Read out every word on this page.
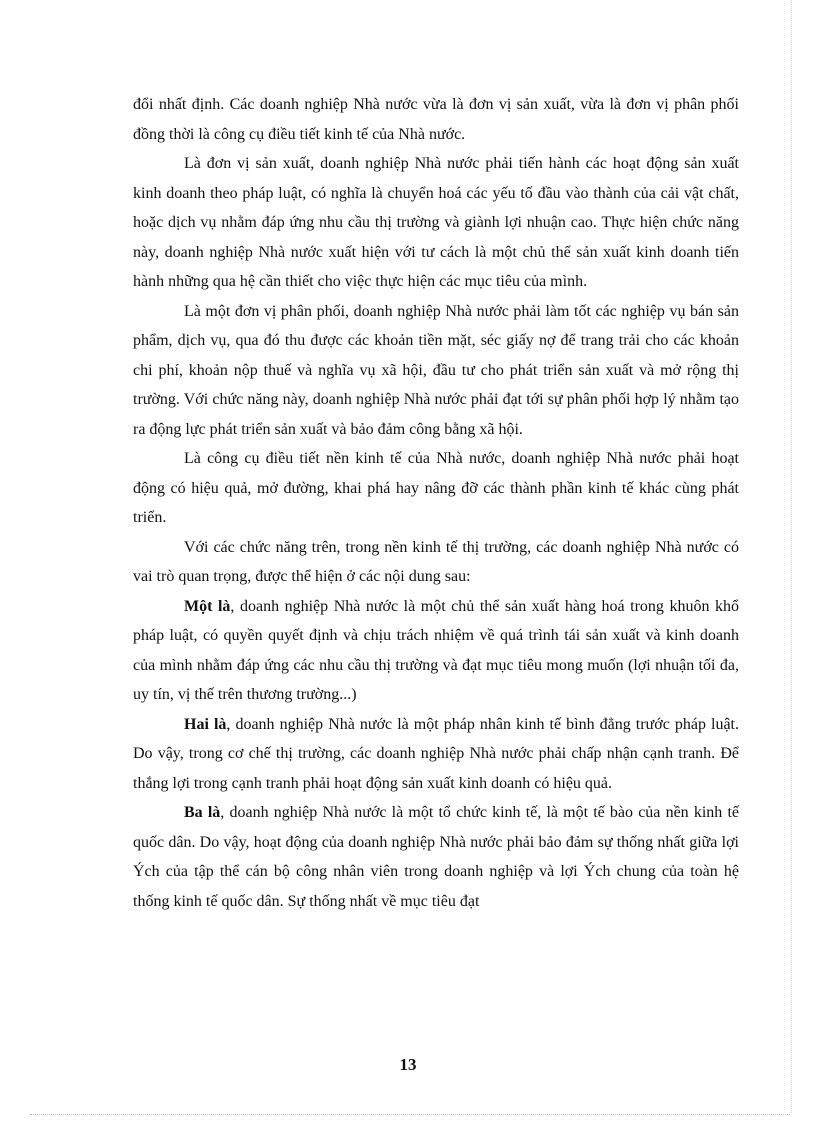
đổi nhất định. Các doanh nghiệp Nhà nước vừa là đơn vị sản xuất, vừa là đơn vị phân phối đồng thời là công cụ điều tiết kinh tế của Nhà nước.

Là đơn vị sản xuất, doanh nghiệp Nhà nước phải tiến hành các hoạt động sản xuất kinh doanh theo pháp luật, có nghĩa là chuyển hoá các yếu tố đầu vào thành của cải vật chất, hoặc dịch vụ nhằm đáp ứng nhu cầu thị trường và giành lợi nhuận cao. Thực hiện chức năng này, doanh nghiệp Nhà nước xuất hiện với tư cách là một chủ thể sản xuất kinh doanh tiến hành những qua hệ cần thiết cho việc thực hiện các mục tiêu của mình.

Là một đơn vị phân phối, doanh nghiệp Nhà nước phải làm tốt các nghiệp vụ bán sản phẩm, dịch vụ, qua đó thu được các khoản tiền mặt, séc giấy nợ để trang trải cho các khoản chi phí, khoản nộp thuế và nghĩa vụ xã hội, đầu tư cho phát triển sản xuất và mở rộng thị trường. Với chức năng này, doanh nghiệp Nhà nước phải đạt tới sự phân phối hợp lý nhằm tạo ra động lực phát triển sản xuất và bảo đảm công bằng xã hội.

Là công cụ điều tiết nền kinh tế của Nhà nước, doanh nghiệp Nhà nước phải hoạt động có hiệu quả, mở đường, khai phá hay nâng đỡ các thành phần kinh tế khác cùng phát triển.

Với các chức năng trên, trong nền kinh tế thị trường, các doanh nghiệp Nhà nước có vai trò quan trọng, được thể hiện ở các nội dung sau:

Một là, doanh nghiệp Nhà nước là một chủ thể sản xuất hàng hoá trong khuôn khổ pháp luật, có quyền quyết định và chịu trách nhiệm về quá trình tái sản xuất và kinh doanh của mình nhằm đáp ứng các nhu cầu thị trường và đạt mục tiêu mong muốn (lợi nhuận tối đa, uy tín, vị thế trên thương trường...)

Hai là, doanh nghiệp Nhà nước là một pháp nhân kinh tế bình đẳng trước pháp luật. Do vậy, trong cơ chế thị trường, các doanh nghiệp Nhà nước phải chấp nhận cạnh tranh. Để thắng lợi trong cạnh tranh phải hoạt động sản xuất kinh doanh có hiệu quả.

Ba là, doanh nghiệp Nhà nước là một tổ chức kinh tế, là một tế bào của nền kinh tế quốc dân. Do vậy, hoạt động của doanh nghiệp Nhà nước phải bảo đảm sự thống nhất giữa lợi Ých của tập thể cán bộ công nhân viên trong doanh nghiệp và lợi Ých chung của toàn hệ thống kinh tế quốc dân. Sự thống nhất về mục tiêu đạt

13
